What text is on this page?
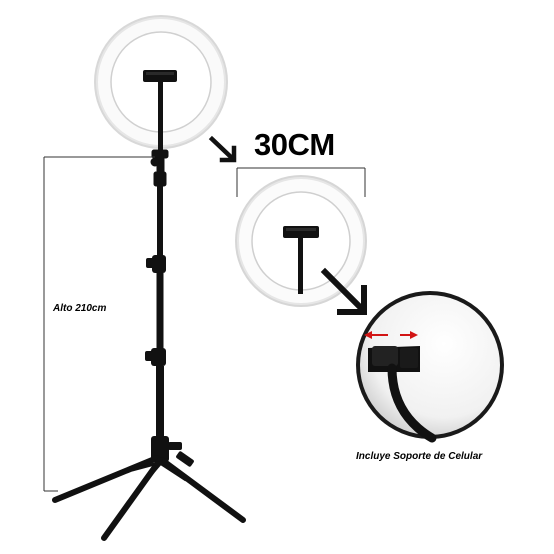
30CM

Alto 210cm

Incluye Soporte de Celular
